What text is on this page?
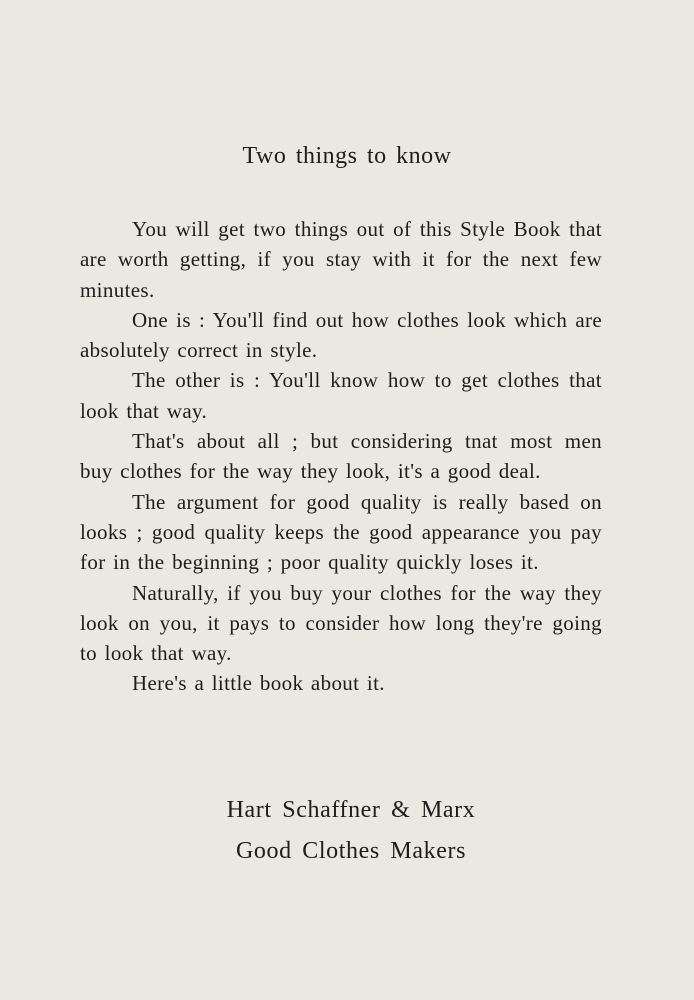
Two things to know

You will get two things out of this Style Book that are worth getting, if you stay with it for the next few minutes.

One is : You'll find out how clothes look which are absolutely correct in style.

The other is : You'll know how to get clothes that look that way.

That's about all ; but considering tnat most men buy clothes for the way they look, it's a good deal.

The argument for good quality is really based on looks ; good quality keeps the good appearance you pay for in the beginning ; poor quality quickly loses it.

Naturally, if you buy your clothes for the way they look on you, it pays to consider how long they're going to look that way.

Here's a little book about it.

Hart Schaffner & Marx
Good Clothes Makers
